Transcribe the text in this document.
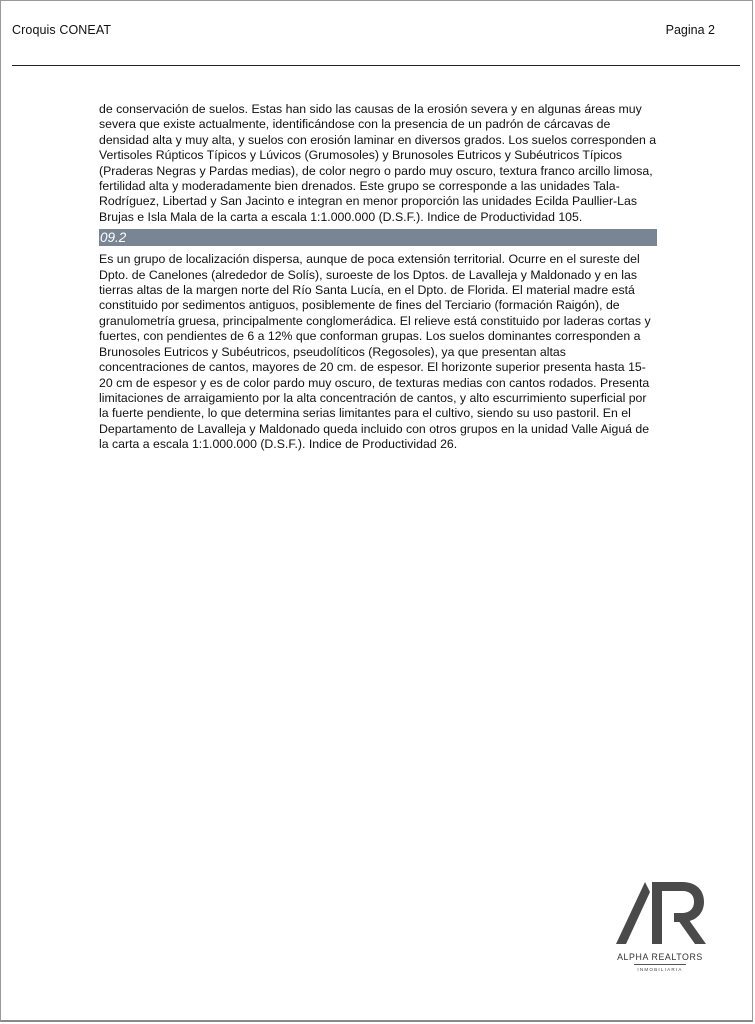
Croquis CONEAT	Pagina 2

de conservación de suelos. Estas han sido las causas de la erosión severa y en algunas áreas muy severa que existe actualmente, identificándose con la presencia de un padrón de cárcavas de densidad alta y muy alta, y suelos con erosión laminar en diversos grados. Los suelos corresponden a Vertisoles Rúpticos Típicos y Lúvicos (Grumosoles) y Brunosoles Eutricos y Subéutricos Típicos (Praderas Negras y Pardas medias), de color negro o pardo muy oscuro, textura franco arcillo limosa, fertilidad alta y moderadamente bien drenados. Este grupo se corresponde a las unidades Tala-Rodríguez, Libertad y San Jacinto e integran en menor proporción las unidades Ecilda Paullier-Las Brujas e Isla Mala de la carta a escala 1:1.000.000 (D.S.F.). Indice de Productividad 105.

09.2

Es un grupo de localización dispersa, aunque de poca extensión territorial. Ocurre en el sureste del Dpto. de Canelones (alrededor de Solís), suroeste de los Dptos. de Lavalleja y Maldonado y en las tierras altas de la margen norte del Río Santa Lucía, en el Dpto. de Florida. El material madre está constituido por sedimentos antiguos, posiblemente de fines del Terciario (formación Raigón), de granulometría gruesa, principalmente conglomerádica. El relieve está constituido por laderas cortas y fuertes, con pendientes de 6 a 12% que conforman grupas. Los suelos dominantes corresponden a Brunosoles Eutricos y Subéutricos, pseudolíticos (Regosoles), ya que presentan altas concentraciones de cantos, mayores de 20 cm. de espesor. El horizonte superior presenta hasta 15-20 cm de espesor y es de color pardo muy oscuro, de texturas medias con cantos rodados. Presenta limitaciones de arraigamiento por la alta concentración de cantos, y alto escurrimiento superficial por la fuerte pendiente, lo que determina serias limitantes para el cultivo, siendo su uso pastoril. En el Departamento de Lavalleja y Maldonado queda incluido con otros grupos en la unidad Valle Aiguá de la carta a escala 1:1.000.000 (D.S.F.). Indice de Productividad 26.

ALPHA REALTORS
INMOBILIARIA
